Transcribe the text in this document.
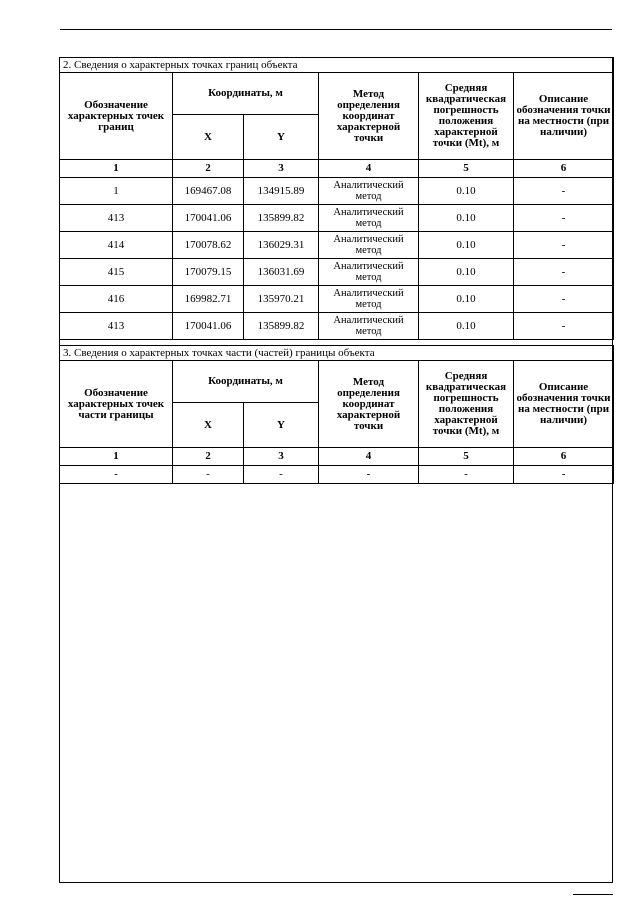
2. Сведения о характерных точках границ объекта					
Обозначение характерных точек границ	Координаты, м		Метод определения координат характерной точки	Средняя квадратическая погрешность положения характерной точки (Mt), м	Описание обозначения точки на местности (при наличии)
	X	Y			
1	2	3	4	5	6
1	169467.08	134915.89	Аналитический метод	0.10	-
413	170041.06	135899.82	Аналитический метод	0.10	-
414	170078.62	136029.31	Аналитический метод	0.10	-
415	170079.15	136031.69	Аналитический метод	0.10	-
416	169982.71	135970.21	Аналитический метод	0.10	-
413	170041.06	135899.82	Аналитический метод	0.10	-
3. Сведения о характерных точках части (частей) границы объекта					
Обозначение характерных точек части границы	Координаты, м		Метод определения координат характерной точки	Средняя квадратическая погрешность положения характерной точки (Mt), м	Описание обозначения точки на местности (при наличии)
	X	Y			
1	2	3	4	5	6
-	-	-	-	-	-
